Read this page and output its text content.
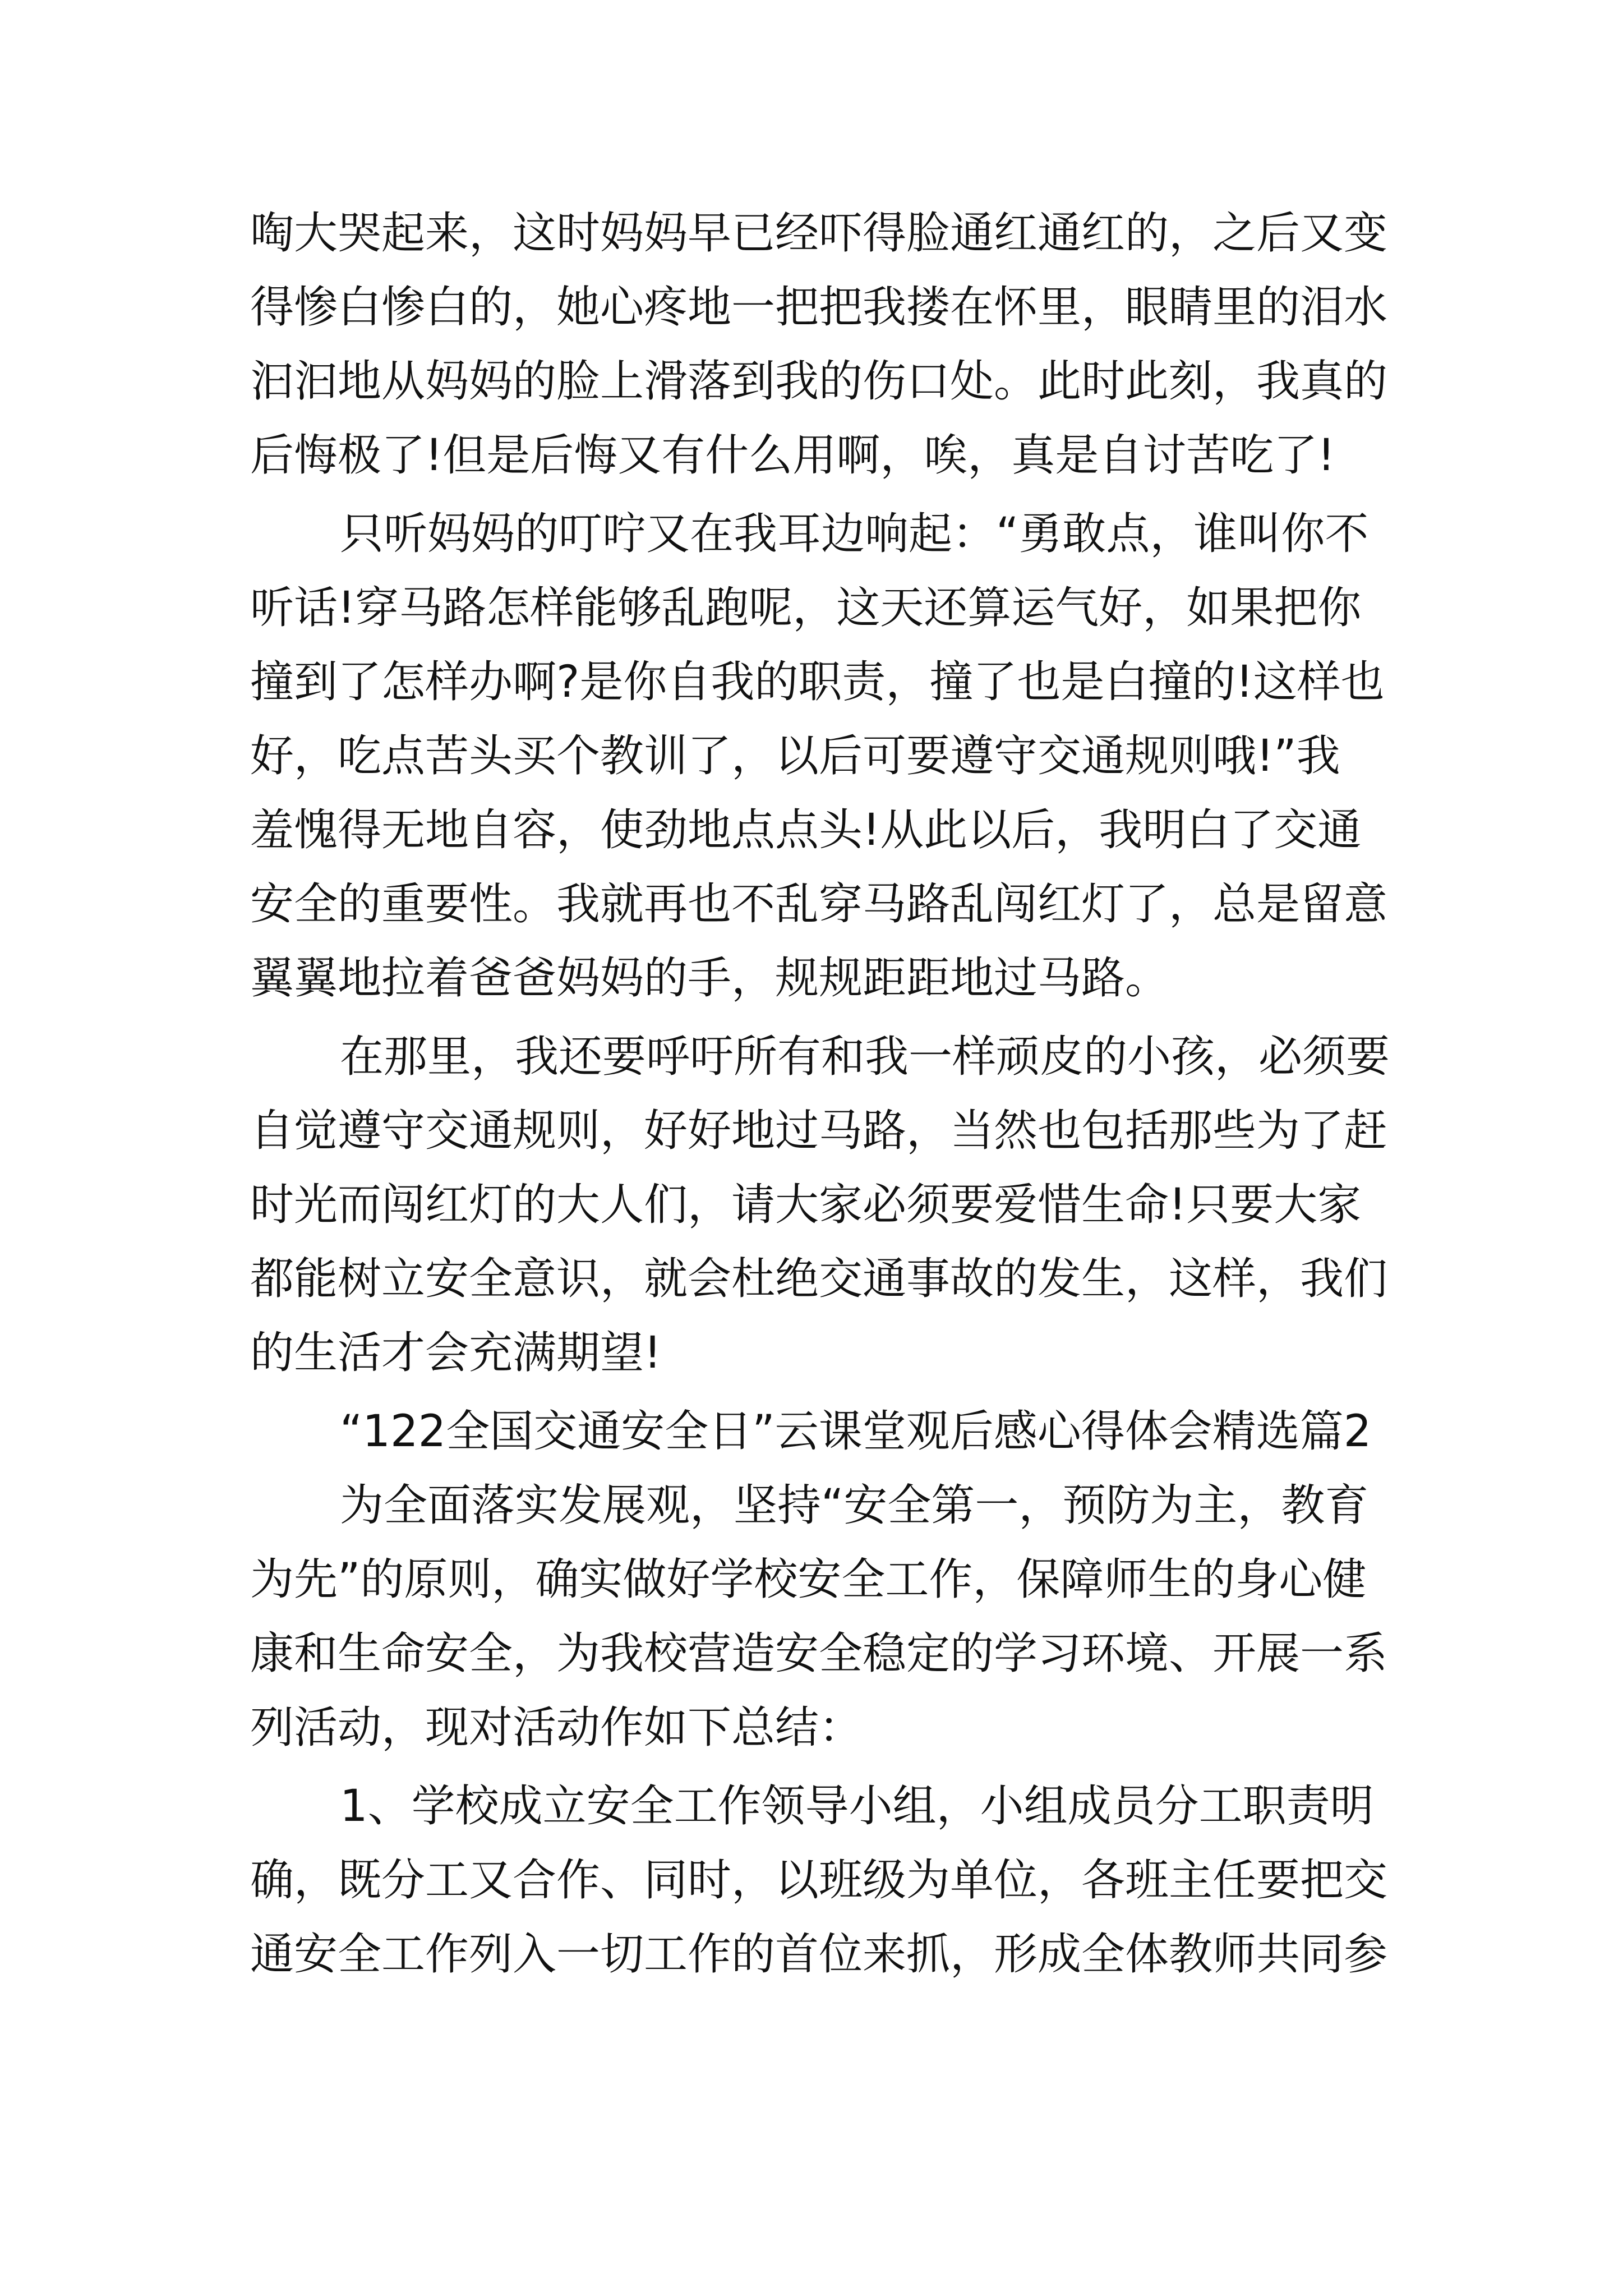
啕大哭起来，这时妈妈早已经吓得脸通红通红的，之后又变
得惨白惨白的，她心疼地一把把我搂在怀里，眼睛里的泪水
汩汩地从妈妈的脸上滑落到我的伤口处。此时此刻，我真的
后悔极了!但是后悔又有什么用啊，唉，真是自讨苦吃了!
只听妈妈的叮咛又在我耳边响起：“勇敢点，谁叫你不
听话!穿马路怎样能够乱跑呢，这天还算运气好，如果把你
撞到了怎样办啊?是你自我的职责，撞了也是白撞的!这样也
好，吃点苦头买个教训了，以后可要遵守交通规则哦!”我
羞愧得无地自容，使劲地点点头!从此以后，我明白了交通
安全的重要性。我就再也不乱穿马路乱闯红灯了，总是留意
翼翼地拉着爸爸妈妈的手，规规距距地过马路。
在那里，我还要呼吁所有和我一样顽皮的小孩，必须要
自觉遵守交通规则，好好地过马路，当然也包括那些为了赶
时光而闯红灯的大人们，请大家必须要爱惜生命!只要大家
都能树立安全意识，就会杜绝交通事故的发生，这样，我们
的生活才会充满期望!
“122全国交通安全日”云课堂观后感心得体会精选篇2
为全面落实发展观，坚持“安全第一，预防为主，教育
为先”的原则，确实做好学校安全工作，保障师生的身心健
康和生命安全，为我校营造安全稳定的学习环境、开展一系
列活动，现对活动作如下总结：
1、学校成立安全工作领导小组，小组成员分工职责明
确，既分工又合作、同时，以班级为单位，各班主任要把交
通安全工作列入一切工作的首位来抓，形成全体教师共同参
